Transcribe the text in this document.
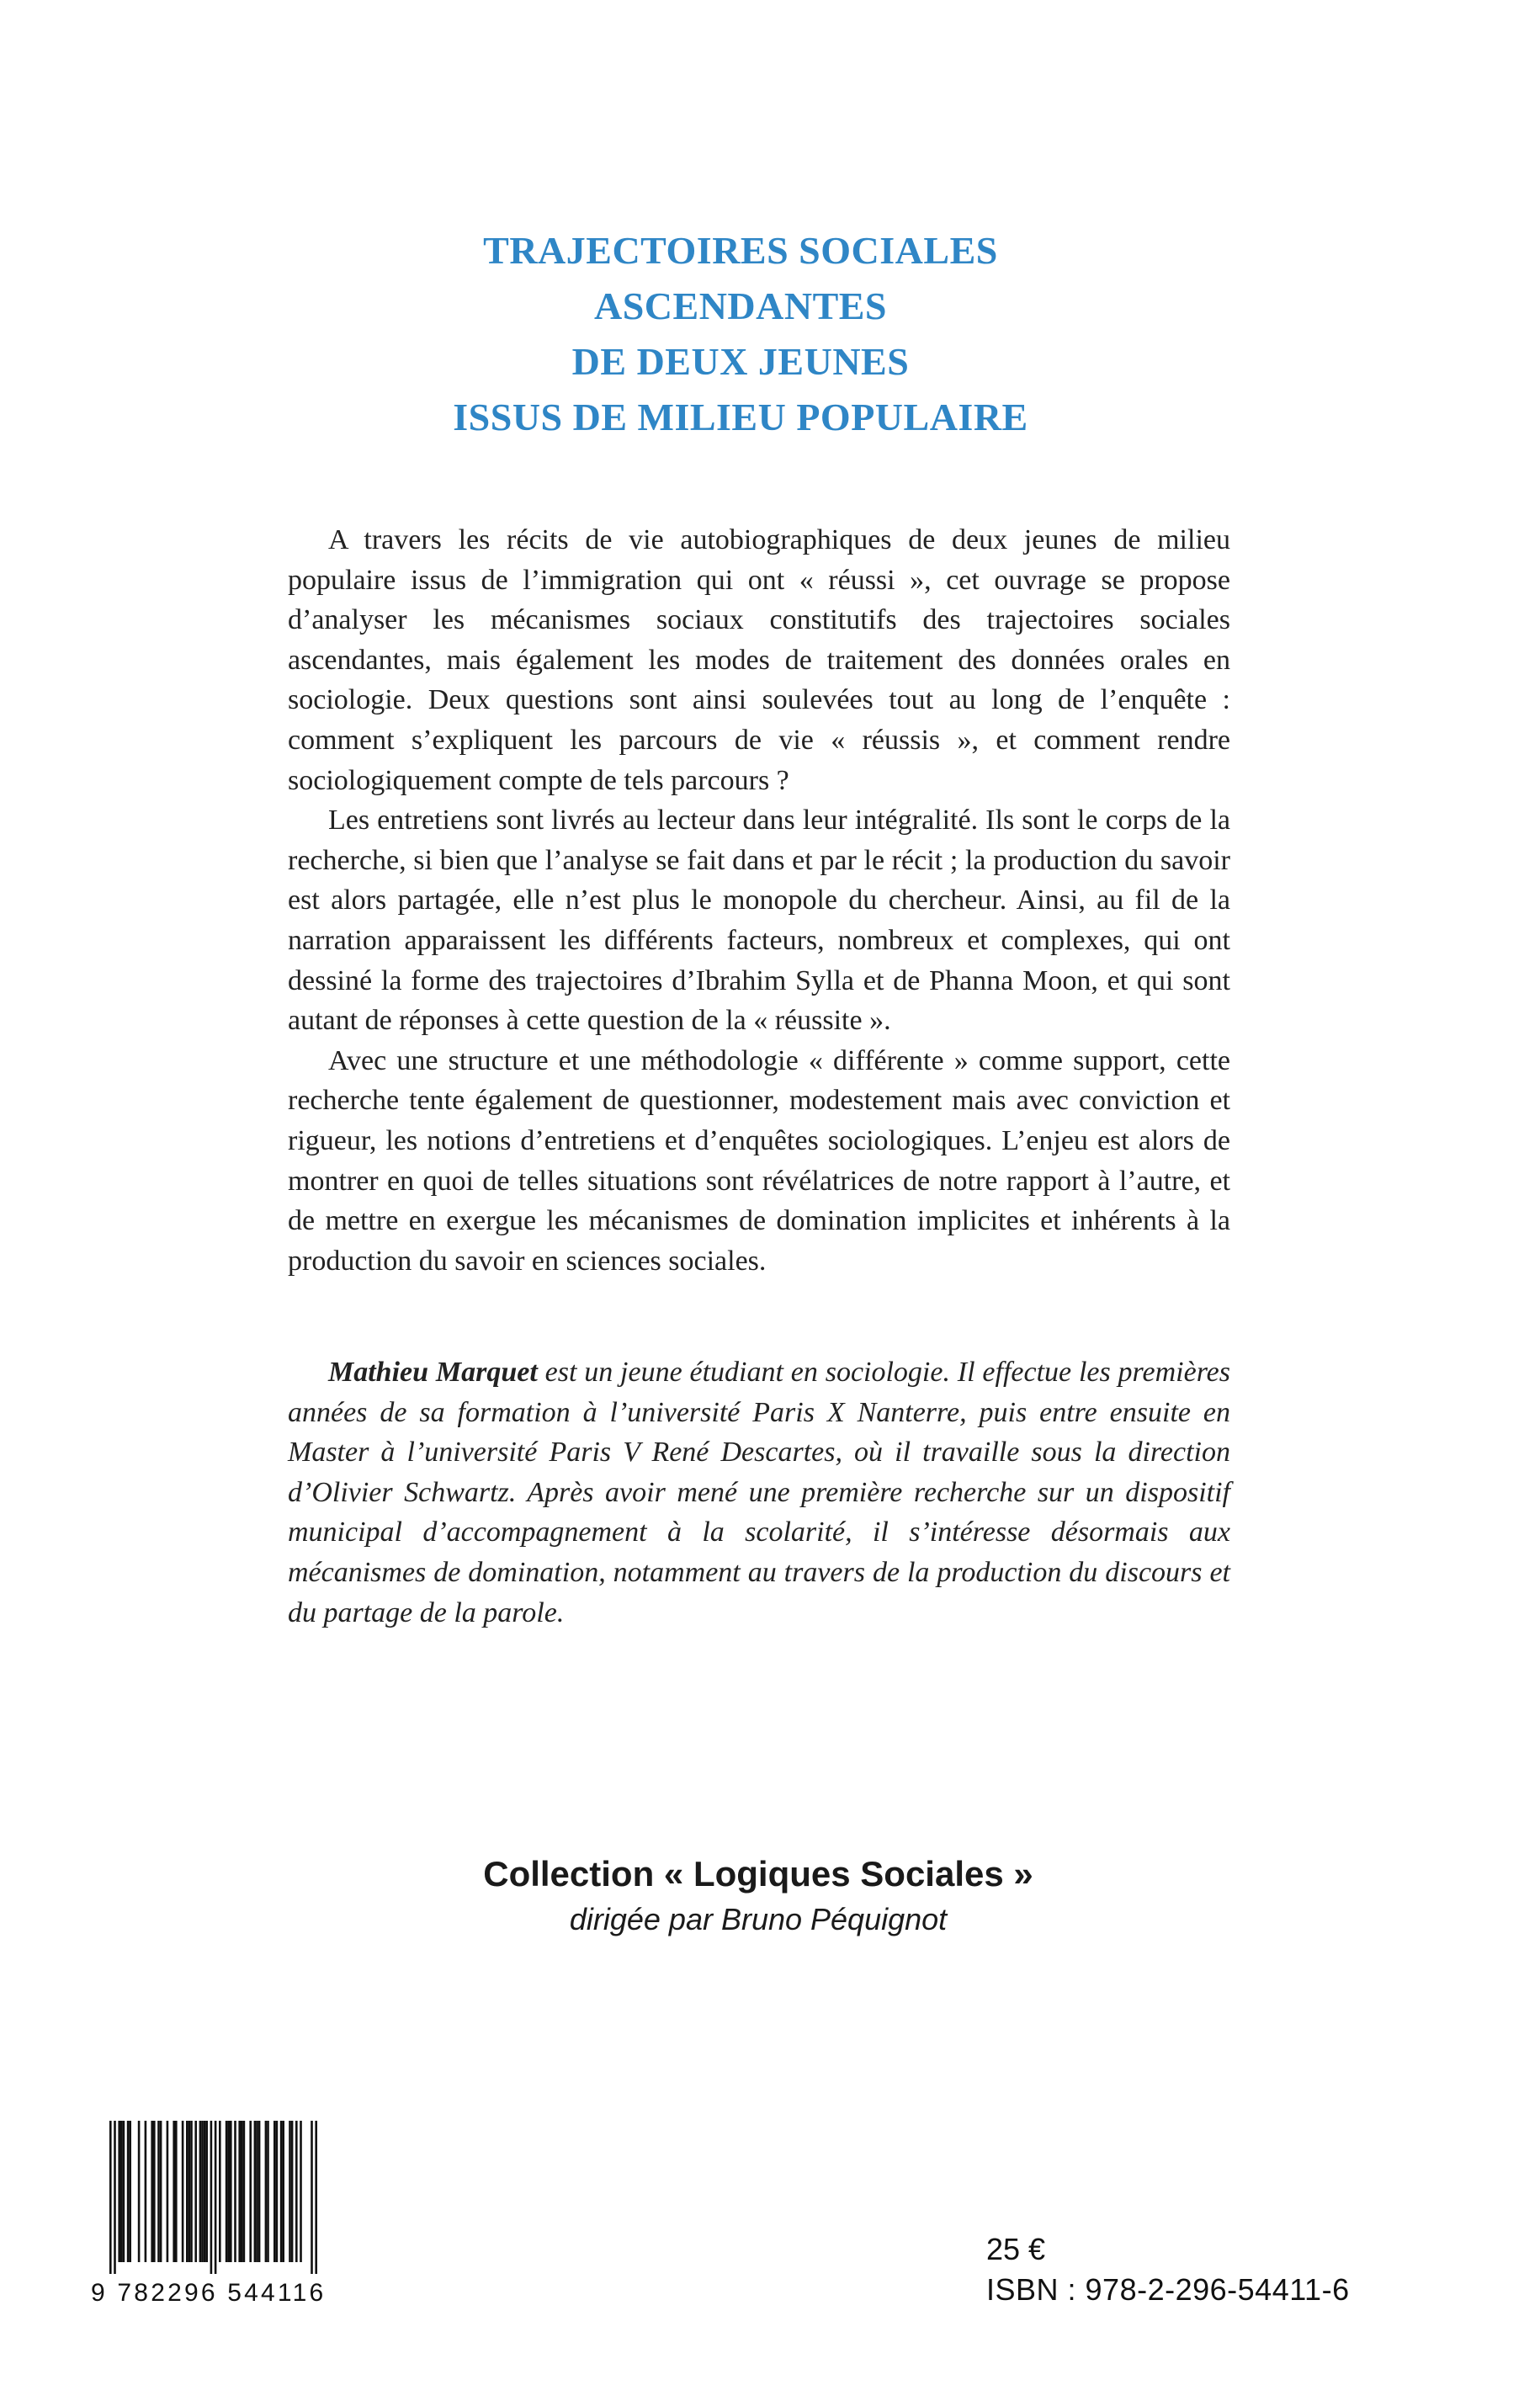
TRAJECTOIRES SOCIALES
ASCENDANTES
DE DEUX JEUNES
ISSUS DE MILIEU POPULAIRE

A travers les récits de vie autobiographiques de deux jeunes de milieu populaire issus de l’immigration qui ont « réussi », cet ouvrage se propose d’analyser les mécanismes sociaux constitutifs des trajectoires sociales ascendantes, mais également les modes de traitement des données orales en sociologie. Deux questions sont ainsi soulevées tout au long de l’enquête : comment s’expliquent les parcours de vie « réussis », et comment rendre sociologiquement compte de tels parcours ?

Les entretiens sont livrés au lecteur dans leur intégralité. Ils sont le corps de la recherche, si bien que l’analyse se fait dans et par le récit ; la production du savoir est alors partagée, elle n’est plus le monopole du chercheur. Ainsi, au fil de la narration apparaissent les différents facteurs, nombreux et complexes, qui ont dessiné la forme des trajectoires d’Ibrahim Sylla et de Phanna Moon, et qui sont autant de réponses à cette question de la « réussite ».

Avec une structure et une méthodologie « différente » comme support, cette recherche tente également de questionner, modestement mais avec conviction et rigueur, les notions d’entretiens et d’enquêtes sociologiques. L’enjeu est alors de montrer en quoi de telles situations sont révélatrices de notre rapport à l’autre, et de mettre en exergue les mécanismes de domination implicites et inhérents à la production du savoir en sciences sociales.

Mathieu Marquet est un jeune étudiant en sociologie. Il effectue les premières années de sa formation à l’université Paris X Nanterre, puis entre ensuite en Master à l’université Paris V René Descartes, où il travaille sous la direction d’Olivier Schwartz. Après avoir mené une première recherche sur un dispositif municipal d’accompagnement à la scolarité, il s’intéresse désormais aux mécanismes de domination, notamment au travers de la production du discours et du partage de la parole.

Collection « Logiques Sociales »
dirigée par Bruno Péquignot
9 782296 544116
25 €
ISBN : 978-2-296-54411-6
